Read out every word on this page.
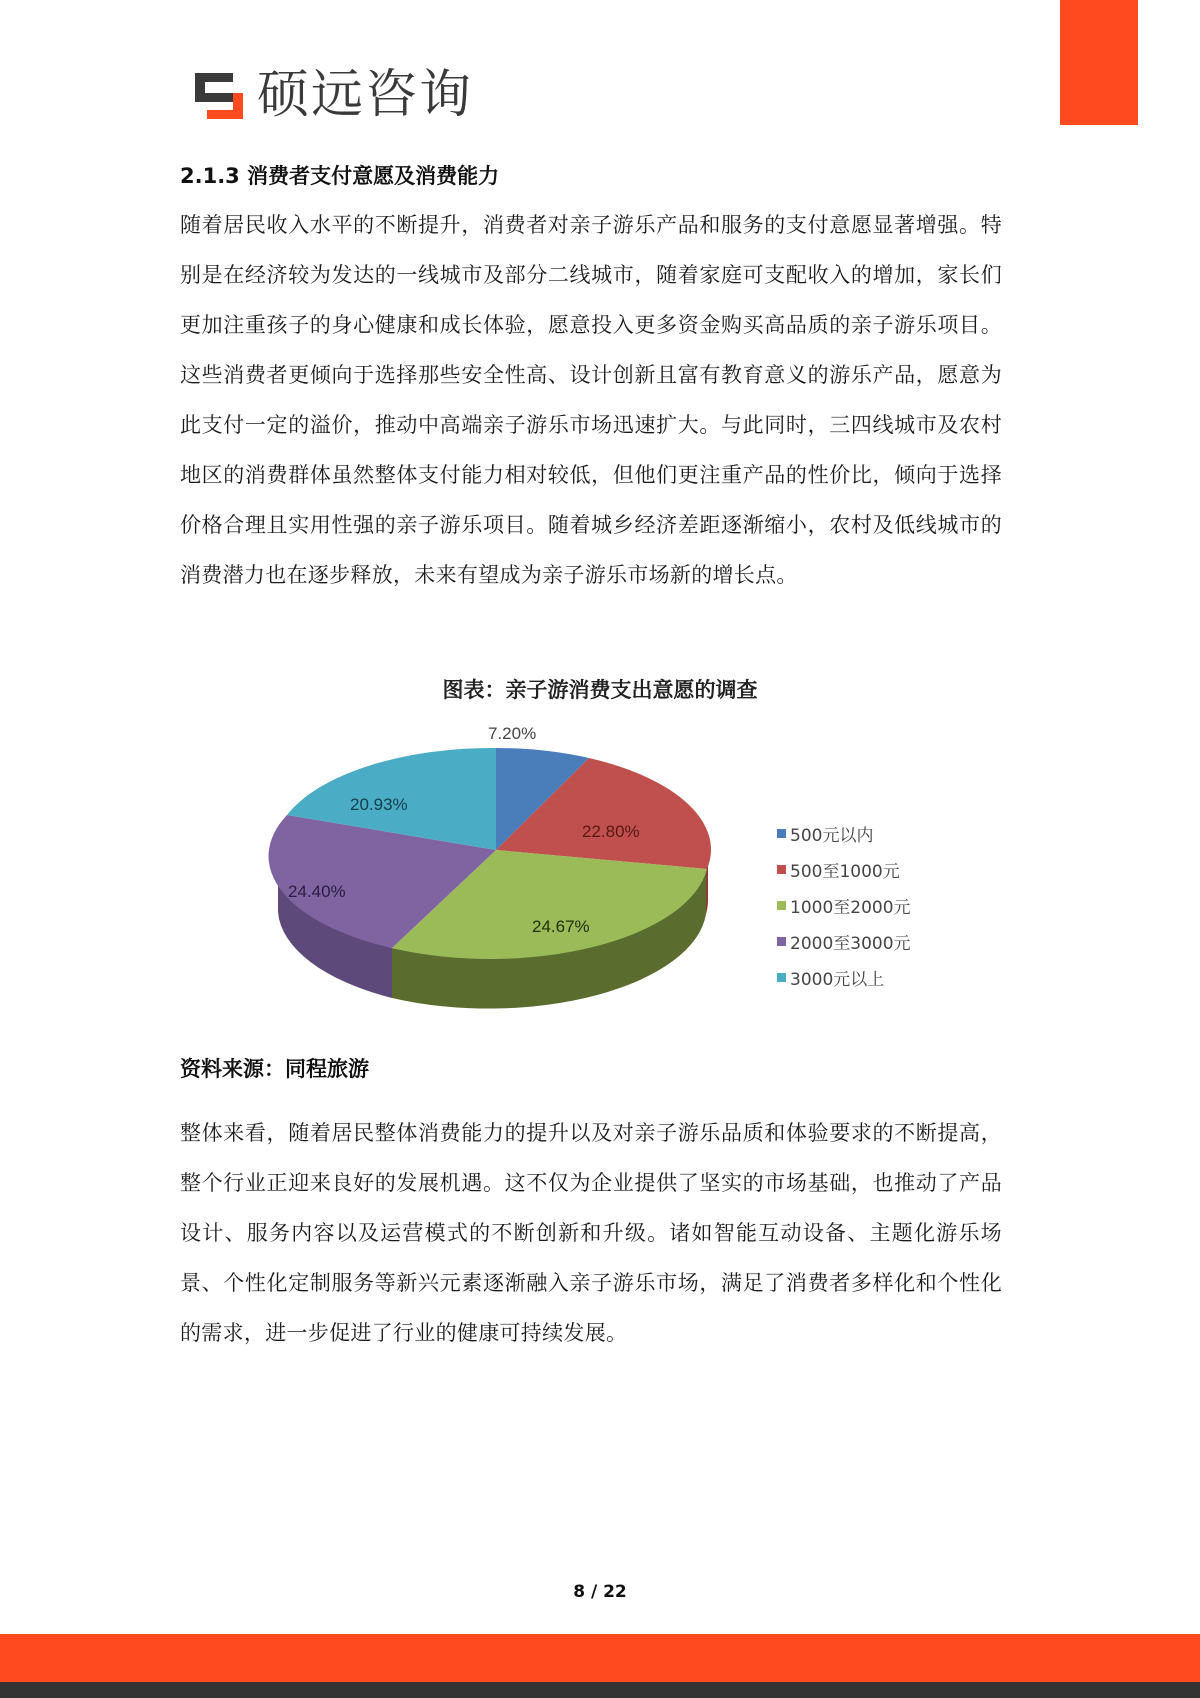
硕远咨询
2.1.3 消费者支付意愿及消费能力
随着居民收入水平的不断提升，消费者对亲子游乐产品和服务的支付意愿显著增强。特别是在经济较为发达的一线城市及部分二线城市，随着家庭可支配收入的增加，家长们更加注重孩子的身心健康和成长体验，愿意投入更多资金购买高品质的亲子游乐项目。这些消费者更倾向于选择那些安全性高、设计创新且富有教育意义的游乐产品，愿意为此支付一定的溢价，推动中高端亲子游乐市场迅速扩大。与此同时，三四线城市及农村地区的消费群体虽然整体支付能力相对较低，但他们更注重产品的性价比，倾向于选择价格合理且实用性强的亲子游乐项目。随着城乡经济差距逐渐缩小，农村及低线城市的消费潜力也在逐步释放，未来有望成为亲子游乐市场新的增长点。
图表：亲子游消费支出意愿的调查
7.20%
22.80%
24.67%
24.40%
20.93%
500元以内
500至1000元
1000至2000元
2000至3000元
3000元以上
资料来源：同程旅游
整体来看，随着居民整体消费能力的提升以及对亲子游乐品质和体验要求的不断提高，整个行业正迎来良好的发展机遇。这不仅为企业提供了坚实的市场基础，也推动了产品设计、服务内容以及运营模式的不断创新和升级。诸如智能互动设备、主题化游乐场景、个性化定制服务等新兴元素逐渐融入亲子游乐市场，满足了消费者多样化和个性化的需求，进一步促进了行业的健康可持续发展。
8 / 22
